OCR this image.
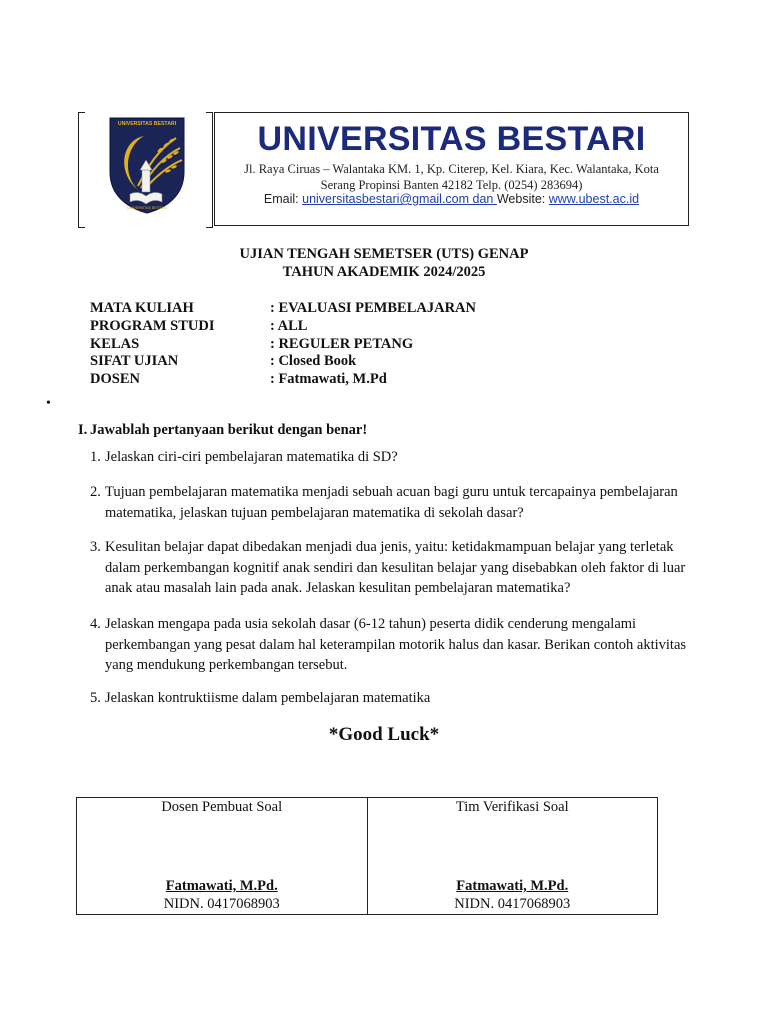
UNIVERSITAS BESTARI
UNIVERSITAS BESTARI
UNIVERSITAS BESTARI
Jl. Raya Ciruas – Walantaka KM. 1, Kp. Citerep, Kel. Kiara, Kec. Walantaka, Kota
Serang Propinsi Banten 42182 Telp. (0254) 283694)
Email: universitasbestari@gmail.com dan Website: www.ubest.ac.id
UJIAN TENGAH SEMETSER (UTS) GENAP
TAHUN AKADEMIK 2024/2025
MATA KULIAH	: EVALUASI PEMBELAJARAN
PROGRAM STUDI	: ALL
KELAS	: REGULER PETANG
SIFAT UJIAN	: Closed Book
DOSEN	: Fatmawati, M.Pd
•
I. Jawablah pertanyaan berikut dengan benar!
1. Jelaskan ciri-ciri pembelajaran matematika di SD?
2. Tujuan pembelajaran matematika menjadi sebuah acuan bagi guru untuk tercapainya pembelajaran matematika, jelaskan tujuan pembelajaran matematika di sekolah dasar?
3. Kesulitan belajar dapat dibedakan menjadi dua jenis, yaitu: ketidakmampuan belajar yang terletak dalam perkembangan kognitif anak sendiri dan kesulitan belajar yang disebabkan oleh faktor di luar anak atau masalah lain pada anak. Jelaskan kesulitan pembelajaran matematika?
4. Jelaskan mengapa pada usia sekolah dasar (6-12 tahun) peserta didik cenderung mengalami perkembangan yang pesat dalam hal keterampilan motorik halus dan kasar. Berikan contoh aktivitas yang mendukung perkembangan tersebut.
5. Jelaskan kontruktiisme dalam pembelajaran matematika
*Good Luck*
Dosen Pembuat Soal
Fatmawati, M.Pd.
NIDN. 0417068903
Tim Verifikasi Soal
Fatmawati, M.Pd.
NIDN. 0417068903
